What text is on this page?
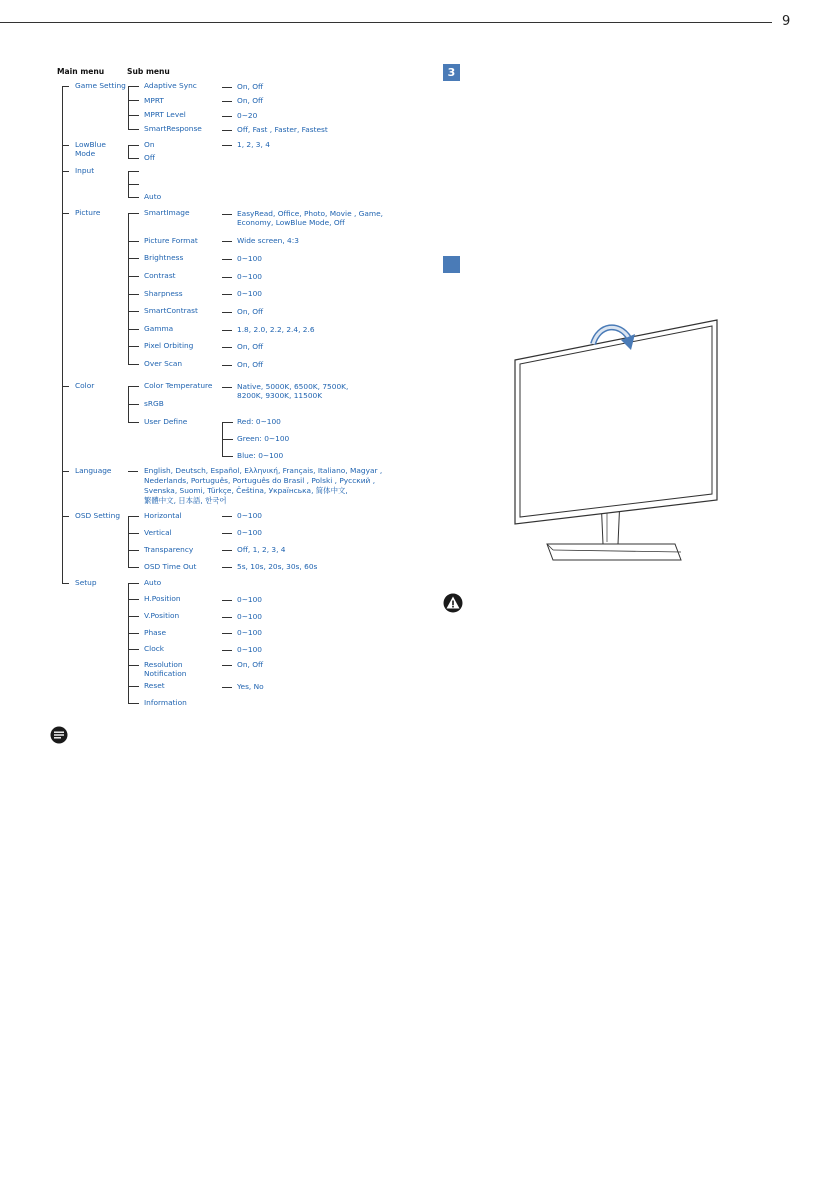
9
Main menu	Sub menu
Game Setting
LowBlue
Mode
Input
Picture
Color
Language
OSD Setting
Setup
Adaptive Sync
MPRT
MPRT Level
SmartResponse
On, Off
On, Off
0~20
Off, Fast , Faster, Fastest
On
Off
1, 2, 3, 4
Auto
SmartImage
Picture Format
Brightness
Contrast
Sharpness
SmartContrast
Gamma
Pixel Orbiting
Over Scan
EasyRead, Office, Photo, Movie , Game,
Economy, LowBlue Mode, Off
Wide screen, 4:3
0~100
0~100
0~100
On, Off
1.8, 2.0, 2.2, 2.4, 2.6
On, Off
On, Off
Color Temperature
sRGB
User Define
Native, 5000K, 6500K, 7500K,
8200K, 9300K, 11500K
Red: 0~100
Green: 0~100
Blue: 0~100
English, Deutsch, Español, Ελληνική, Français, Italiano, Magyar ,
Nederlands, Português, Português do Brasil , Polski , Русский ,
Svenska, Suomi, Türkçe, Čeština, Українська, 简体中文,
繁體中文, 日本語, 한국어
Horizontal
Vertical
Transparency
OSD Time Out
0~100
0~100
Off, 1, 2, 3, 4
5s, 10s, 20s, 30s, 60s
Auto
H.Position
V.Position
Phase
Clock
Resolution
Notification
Reset
Information
0~100
0~100
0~100
0~100
On, Off
Yes, No
3
